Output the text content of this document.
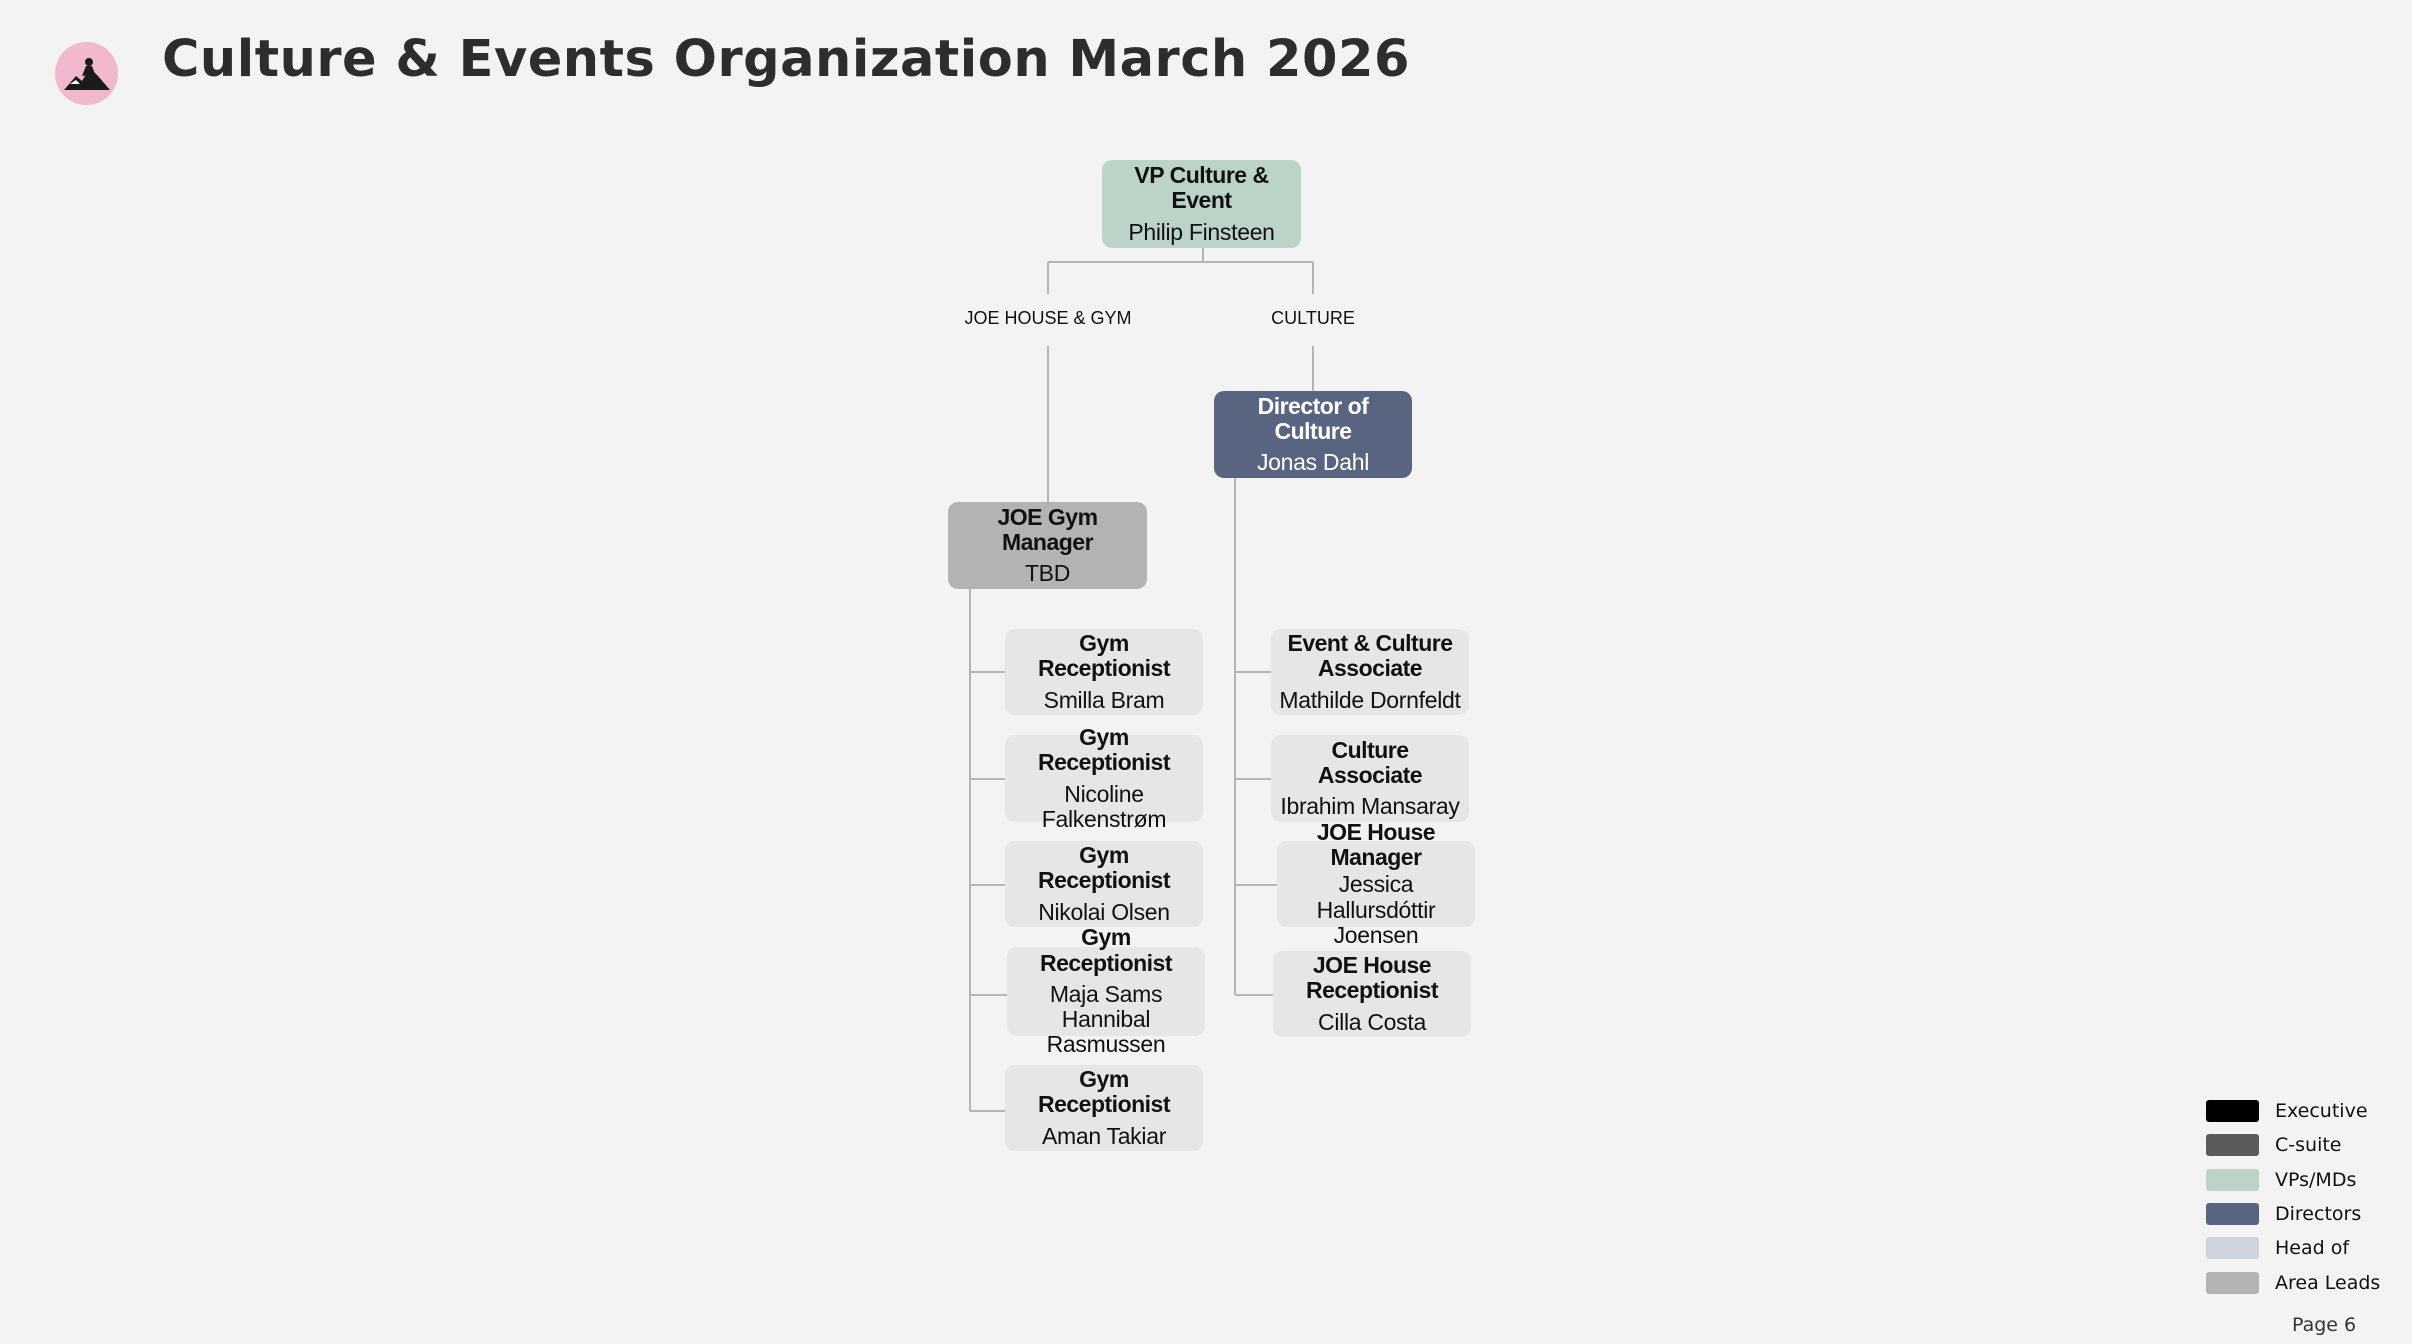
Culture & Events Organization March 2026
VP Culture & Event
Philip Finsteen
JOE HOUSE & GYM	CULTURE
Director of Culture
Jonas Dahl
JOE Gym Manager
TBD
Gym Receptionist
Smilla Bram
Gym Receptionist
Nicoline Falkenstrøm
Gym Receptionist
Nikolai Olsen
Gym Receptionist
Maja Sams Hannibal Rasmussen
Gym Receptionist
Aman Takiar
Event & Culture Associate
Mathilde Dornfeldt
Culture Associate
Ibrahim Mansaray
JOE House Manager
Jessica Hallursdóttir Joensen
JOE House Receptionist
Cilla Costa
Executive
C-suite
VPs/MDs
Directors
Head of
Area Leads
Page 6
